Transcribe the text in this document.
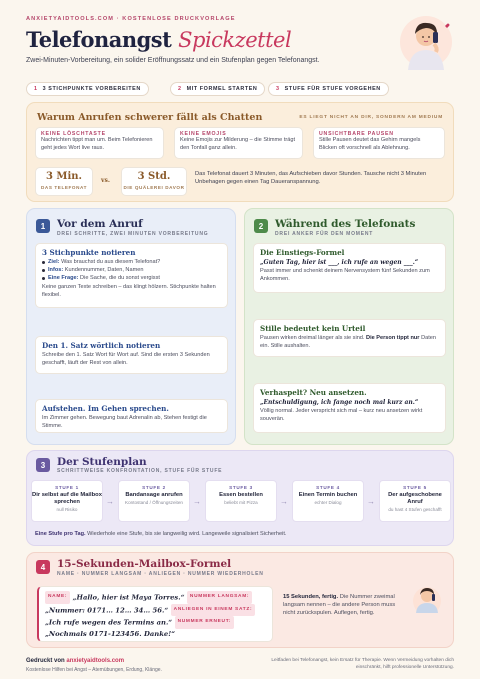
ANXIETYAIDTOOLS.COM · KOSTENLOSE DRUCKVORLAGE
Telefonangst Spickzettel
Zwei-Minuten-Vorbereitung, ein solider Eröffnungssatz und ein Stufenplan gegen Telefonangst.
1 3 STICHPUNKTE VORBEREITEN	2 MIT FORMEL STARTEN	3 STUFE FÜR STUFE VORGEHEN
Warum Anrufen schwerer fällt als Chatten	ES LIEGT NICHT AN DIR, SONDERN AM MEDIUM
KEINE LÖSCHTASTE
Nachrichten tippt man um. Beim Telefonieren geht jedes Wort live raus.
KEINE EMOJIS
Keine Emojis zur Milderung – die Stimme trägt den Tonfall ganz allein.
UNSICHTBARE PAUSEN
Stille Pausen deutet das Gehirn mangels Blicken oft vorschnell als Ablehnung.
3 Min.
DAS TELEFONAT
vs.	3 Std.
DIE QUÄLEREI DAVOR
Das Telefonat dauert 3 Minuten, das Aufschieben davor Stunden. Tausche nicht 3 Minuten Unbehagen gegen einen Tag Daueranspannung.
1	Vor dem Anruf
DREI SCHRITTE, ZWEI MINUTEN VORBEREITUNG
3 Stichpunkte notieren
Ziel: Was brauchst du aus diesem Telefonat?
Infos: Kundennummer, Daten, Namen
Eine Frage: Die Sache, die du sonst vergisst
Keine ganzen Texte schreiben – das klingt hölzern. Stichpunkte halten flexibel.
Den 1. Satz wörtlich notieren
Schreibe den 1. Satz Wort für Wort auf. Sind die ersten 3 Sekunden geschafft, läuft der Rest von allein.
Aufstehen. Im Gehen sprechen.
Im Zimmer gehen. Bewegung baut Adrenalin ab, Stehen festigt die Stimme.
2	Während des Telefonats
DREI ANKER FÜR DEN MOMENT
Die Einstiegs-Formel
„Guten Tag, hier ist ___, ich rufe an wegen ___.“
Passt immer und schenkt deinem Nervensystem fünf Sekunden zum Ankommen.
Stille bedeutet kein Urteil
Pausen wirken dreimal länger als sie sind. Die Person tippt nur Daten ein. Stille aushalten.
Verhaspelt? Neu ansetzen.
„Entschuldigung, ich fange noch mal kurz an.“
Völlig normal. Jeder verspricht sich mal – kurz neu ansetzen wirkt souverän.
3	Der Stufenplan
SCHRITTWEISE KONFRONTATION, STUFE FÜR STUFE
Eine Stufe pro Tag. Wiederhole eine Stufe, bis sie langweilig wird. Langeweile signalisiert Sicherheit.
STUFE 1
Dir selbst auf die Mailbox sprechen
null Risiko
→
STUFE 2
Bandansage anrufen
Kontostand / Öffnungszeiten	→
STUFE 3
Essen bestellen
beliebt mit Pizza	→
STUFE 4
Einen Termin buchen
echter Dialog	→
STUFE 5
Der aufgeschobene Anruf
du hast 4 Stufen geschafft
4	15-Sekunden-Mailbox-Formel
NAME · NUMMER LANGSAM · ANLIEGEN · NUMMER WIEDERHOLEN
NAME: „Hallo, hier ist Maya Torres.“ NUMMER LANGSAM: „Nummer: 0171… 12… 34… 56.“ ANLIEGEN IN EINEM SATZ: „Ich rufe wegen des Termins an.“ NUMMER ERNEUT: „Nochmals 0171-123456. Danke!“
15 Sekunden, fertig. Die Nummer zweimal langsam nennen – die andere Person muss nicht zurückspulen. Auflegen, fertig.
Gedruckt von anxietyaidtools.com
Kostenlose Hilfen bei Angst – Atemübungen, Erdung, Klänge.
Leitfaden bei Telefonangst, kein Ersatz für Therapie. Wenn Vermeidung vorhalten dich einschränkt, hilft professionelle Unterstützung.
